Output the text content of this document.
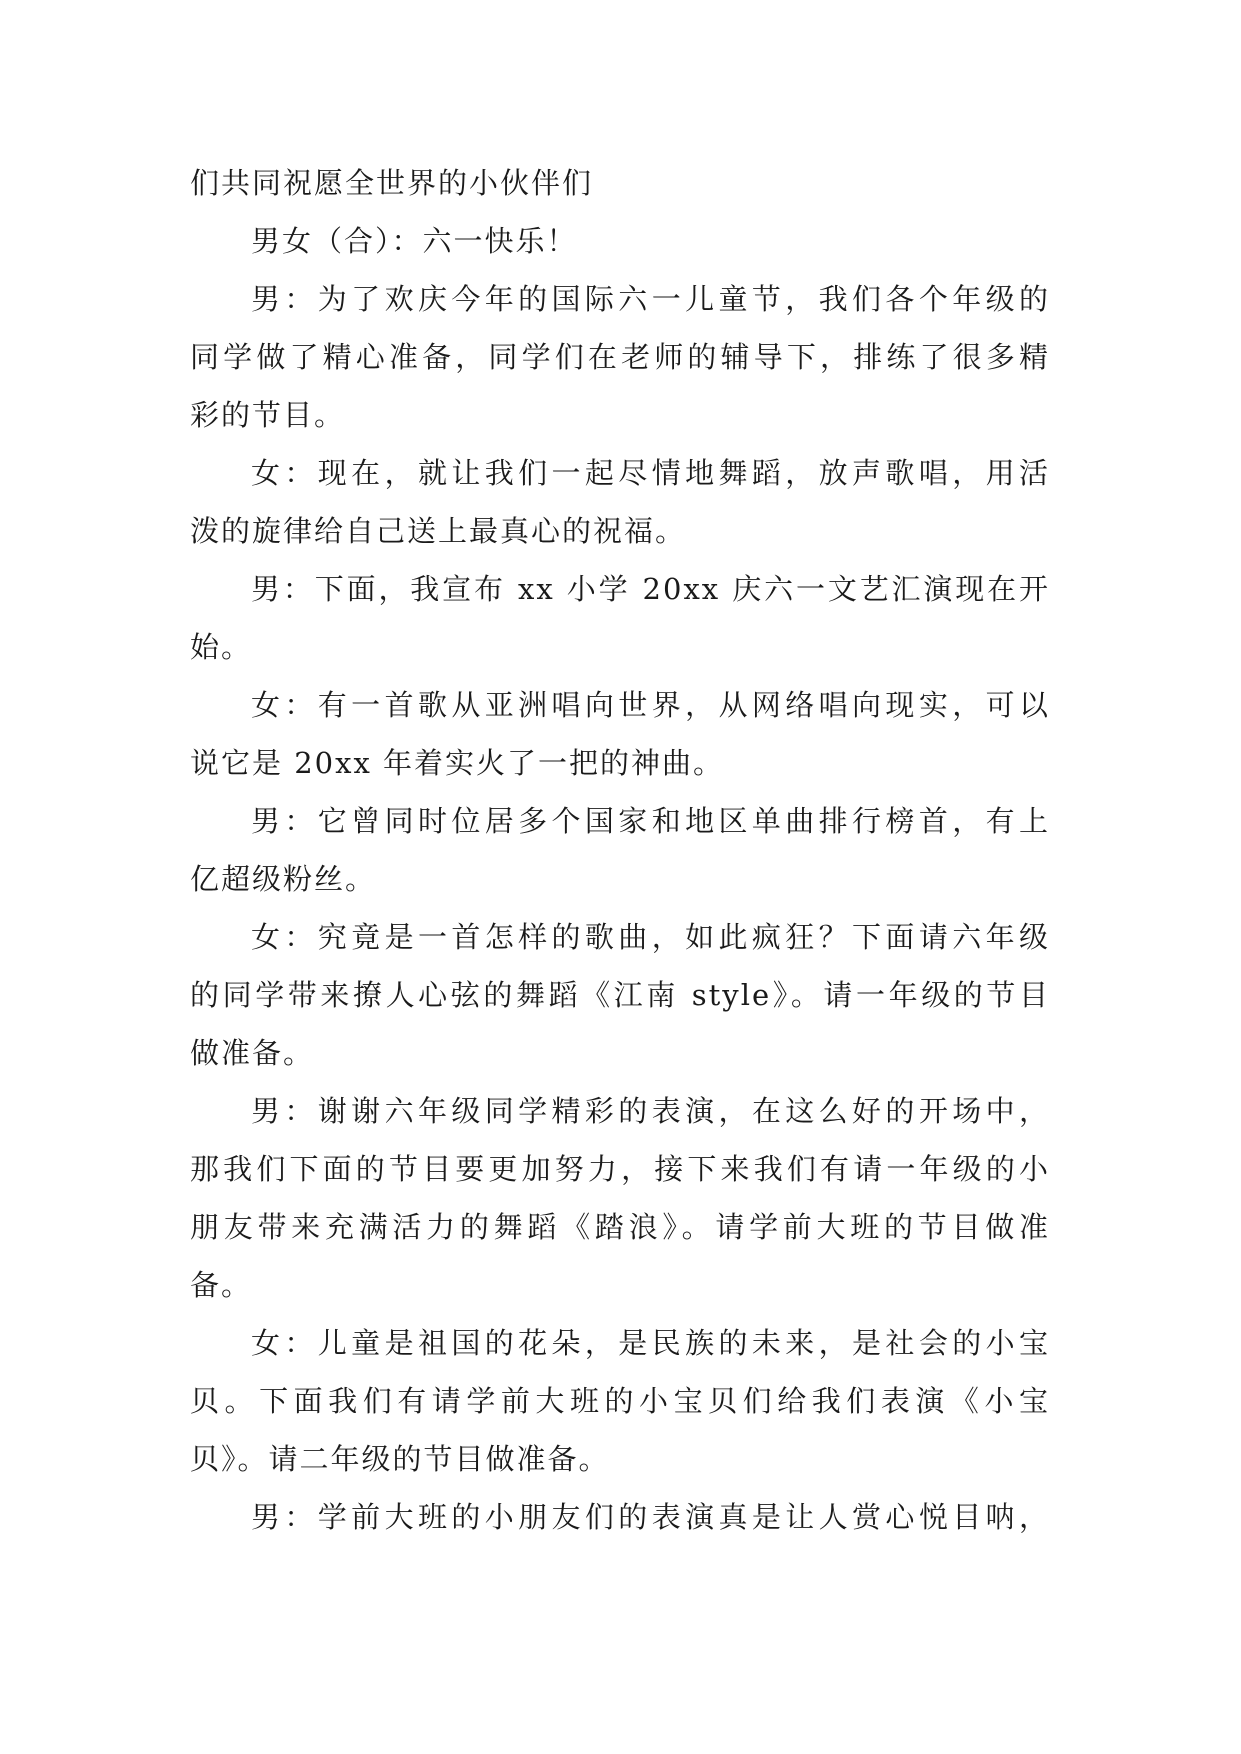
们共同祝愿全世界的小伙伴们
男女（合）：六一快乐！
男：为了欢庆今年的国际六一儿童节，我们各个年级的
同学做了精心准备，同学们在老师的辅导下，排练了很多精
彩的节目。
女：现在，就让我们一起尽情地舞蹈，放声歌唱，用活
泼的旋律给自己送上最真心的祝福。
男：下面，我宣布 xx 小学 20xx 庆六一文艺汇演现在开
始。
女：有一首歌从亚洲唱向世界，从网络唱向现实，可以
说它是 20xx 年着实火了一把的神曲。
男：它曾同时位居多个国家和地区单曲排行榜首，有上
亿超级粉丝。
女：究竟是一首怎样的歌曲，如此疯狂？下面请六年级
的同学带来撩人心弦的舞蹈《江南 style》。请一年级的节目
做准备。
男：谢谢六年级同学精彩的表演，在这么好的开场中，
那我们下面的节目要更加努力，接下来我们有请一年级的小
朋友带来充满活力的舞蹈《踏浪》。请学前大班的节目做准
备。
女：儿童是祖国的花朵，是民族的未来，是社会的小宝
贝。下面我们有请学前大班的小宝贝们给我们表演《小宝
贝》。请二年级的节目做准备。
男：学前大班的小朋友们的表演真是让人赏心悦目呐，
